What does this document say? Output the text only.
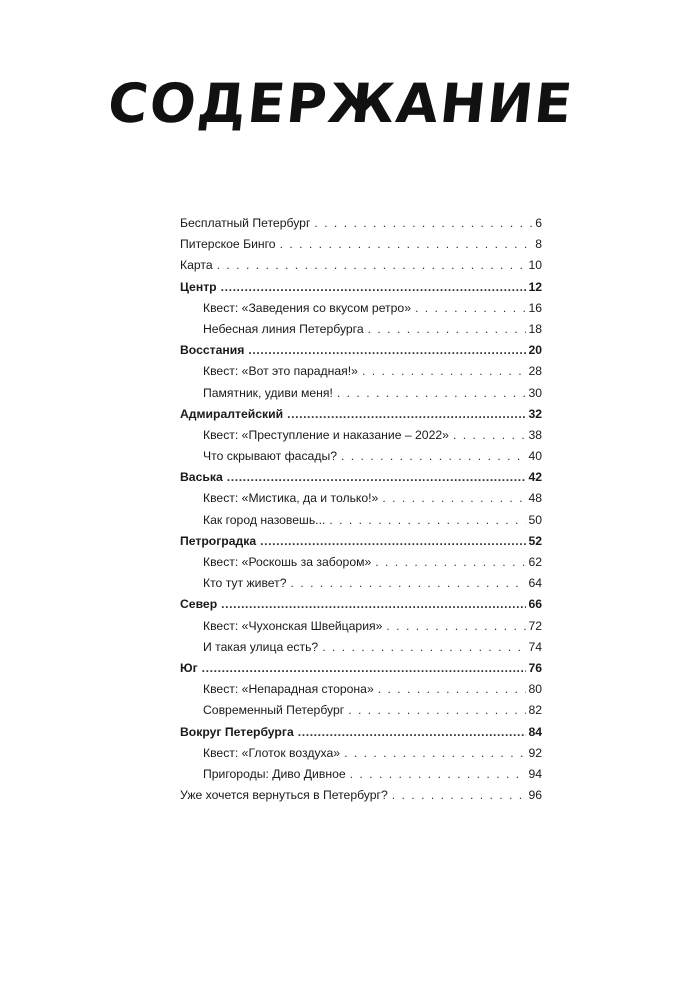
СОДЕРЖАНИЕ
Бесплатный Петербург . . .	6
Питерское Бинго . . .	8
Карта . . .	10
Центр .....	12
Квест: «Заведения со вкусом ретро» . . .	16
Небесная линия Петербурга . . .	18
Восстания .....	20
Квест: «Вот это парадная!» . . .	28
Памятник, удиви меня! . . .	30
Адмиралтейский .....	32
Квест: «Преступление и наказание – 2022» . . .	38
Что скрывают фасады? . . .	40
Васька .....	42
Квест: «Мистика, да и только!» . . .	48
Как город назовешь... . . .	50
Петроградка .....	52
Квест: «Роскошь за забором» . . .	62
Кто тут живет? . . .	64
Север .....	66
Квест: «Чухонская Швейцария» . . .	72
И такая улица есть? . . .	74
Юг .....	76
Квест: «Непарадная сторона» . . .	80
Современный Петербург . . .	82
Вокруг Петербурга .....	84
Квест: «Глоток воздуха» . . .	92
Пригороды: Диво Дивное . . .	94
Уже хочется вернуться в Петербург? . . .	96
